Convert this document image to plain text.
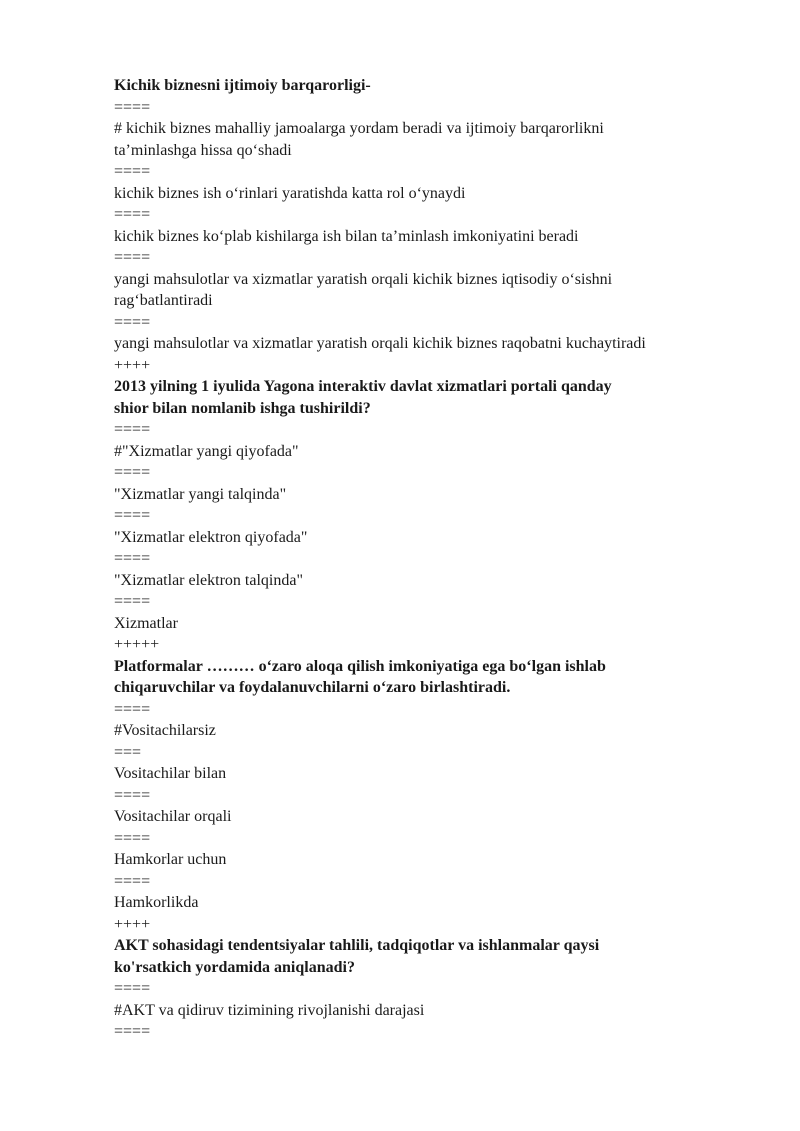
Kichik biznesni ijtimoiy barqarorligi-
====
# kichik biznes mahalliy jamoalarga yordam beradi va ijtimoiy barqarorlikni
ta’minlashga hissa qo‘shadi
====
kichik biznes ish o‘rinlari yaratishda katta rol o‘ynaydi
====
kichik biznes ko‘plab kishilarga ish bilan ta’minlash imkoniyatini beradi
====
yangi mahsulotlar va xizmatlar yaratish orqali kichik biznes iqtisodiy o‘sishni
rag‘batlantiradi
====
yangi mahsulotlar va xizmatlar yaratish orqali kichik biznes raqobatni kuchaytiradi
++++
2013 yilning 1 iyulida Yagona interaktiv davlat xizmatlari portali qanday
shior bilan nomlanib ishga tushirildi?
====
#"Xizmatlar yangi qiyofada"
====
"Xizmatlar yangi talqinda"
====
"Xizmatlar elektron qiyofada"
====
"Xizmatlar elektron talqinda"
====
Xizmatlar
+++++
Platformalar ……… o‘zaro aloqa qilish imkoniyatiga ega bo‘lgan ishlab
chiqaruvchilar va foydalanuvchilarni o‘zaro birlashtiradi.
====
#Vositachilarsiz
===
Vositachilar bilan
====
Vositachilar orqali
====
Hamkorlar uchun
====
Hamkorlikda
++++
AKT sohasidagi tendentsiyalar tahlili, tadqiqotlar va ishlanmalar qaysi
ko'rsatkich yordamida aniqlanadi?
====
#AKT va qidiruv tizimining rivojlanishi darajasi
====
